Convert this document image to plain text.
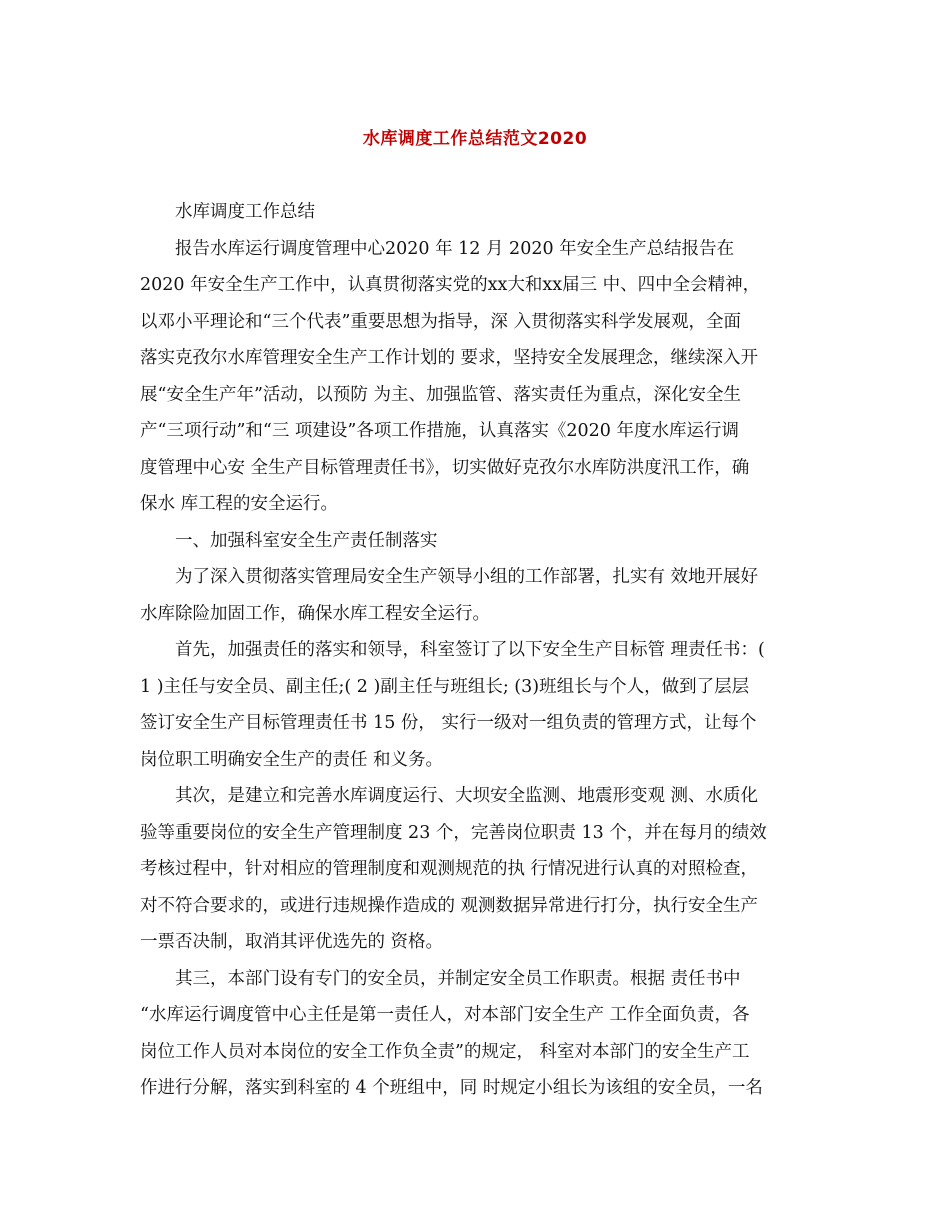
水库调度工作总结范文2020
水库调度工作总结
报告水库运行调度管理中心2020 年 12 月 2020 年安全生产总结报告在
2020 年安全生产工作中，认真贯彻落实党的xx大和xx届三 中、四中全会精神，
以邓小平理论和“三个代表”重要思想为指导，深 入贯彻落实科学发展观，全面
落实克孜尔水库管理安全生产工作计划的 要求，坚持安全发展理念，继续深入开
展“安全生产年”活动，以预防 为主、加强监管、落实责任为重点，深化安全生
产“三项行动”和“三 项建设”各项工作措施，认真落实《2020 年度水库运行调
度管理中心安 全生产目标管理责任书》，切实做好克孜尔水库防洪度汛工作，确
保水 库工程的安全运行。
一、加强科室安全生产责任制落实
为了深入贯彻落实管理局安全生产领导小组的工作部署，扎实有 效地开展好
水库除险加固工作，确保水库工程安全运行。
首先，加强责任的落实和领导，科室签订了以下安全生产目标管 理责任书：(
1 )主任与安全员、副主任;( 2 )副主任与班组长; (3)班组长与个人，做到了层层
签订安全生产目标管理责任书 15 份， 实行一级对一组负责的管理方式，让每个
岗位职工明确安全生产的责任 和义务。
其次，是建立和完善水库调度运行、大坝安全监测、地震形变观 测、水质化
验等重要岗位的安全生产管理制度 23 个，完善岗位职责 13 个，并在每月的绩效
考核过程中，针对相应的管理制度和观测规范的执 行情况进行认真的对照检查，
对不符合要求的，或进行违规操作造成的 观测数据异常进行打分，执行安全生产
一票否决制，取消其评优选先的 资格。
其三，本部门设有专门的安全员，并制定安全员工作职责。根据 责任书中
“水库运行调度管中心主任是第一责任人，对本部门安全生产 工作全面负责，各
岗位工作人员对本岗位的安全工作负全责”的规定， 科室对本部门的安全生产工
作进行分解，落实到科室的 4 个班组中，同 时规定小组长为该组的安全员，一名
